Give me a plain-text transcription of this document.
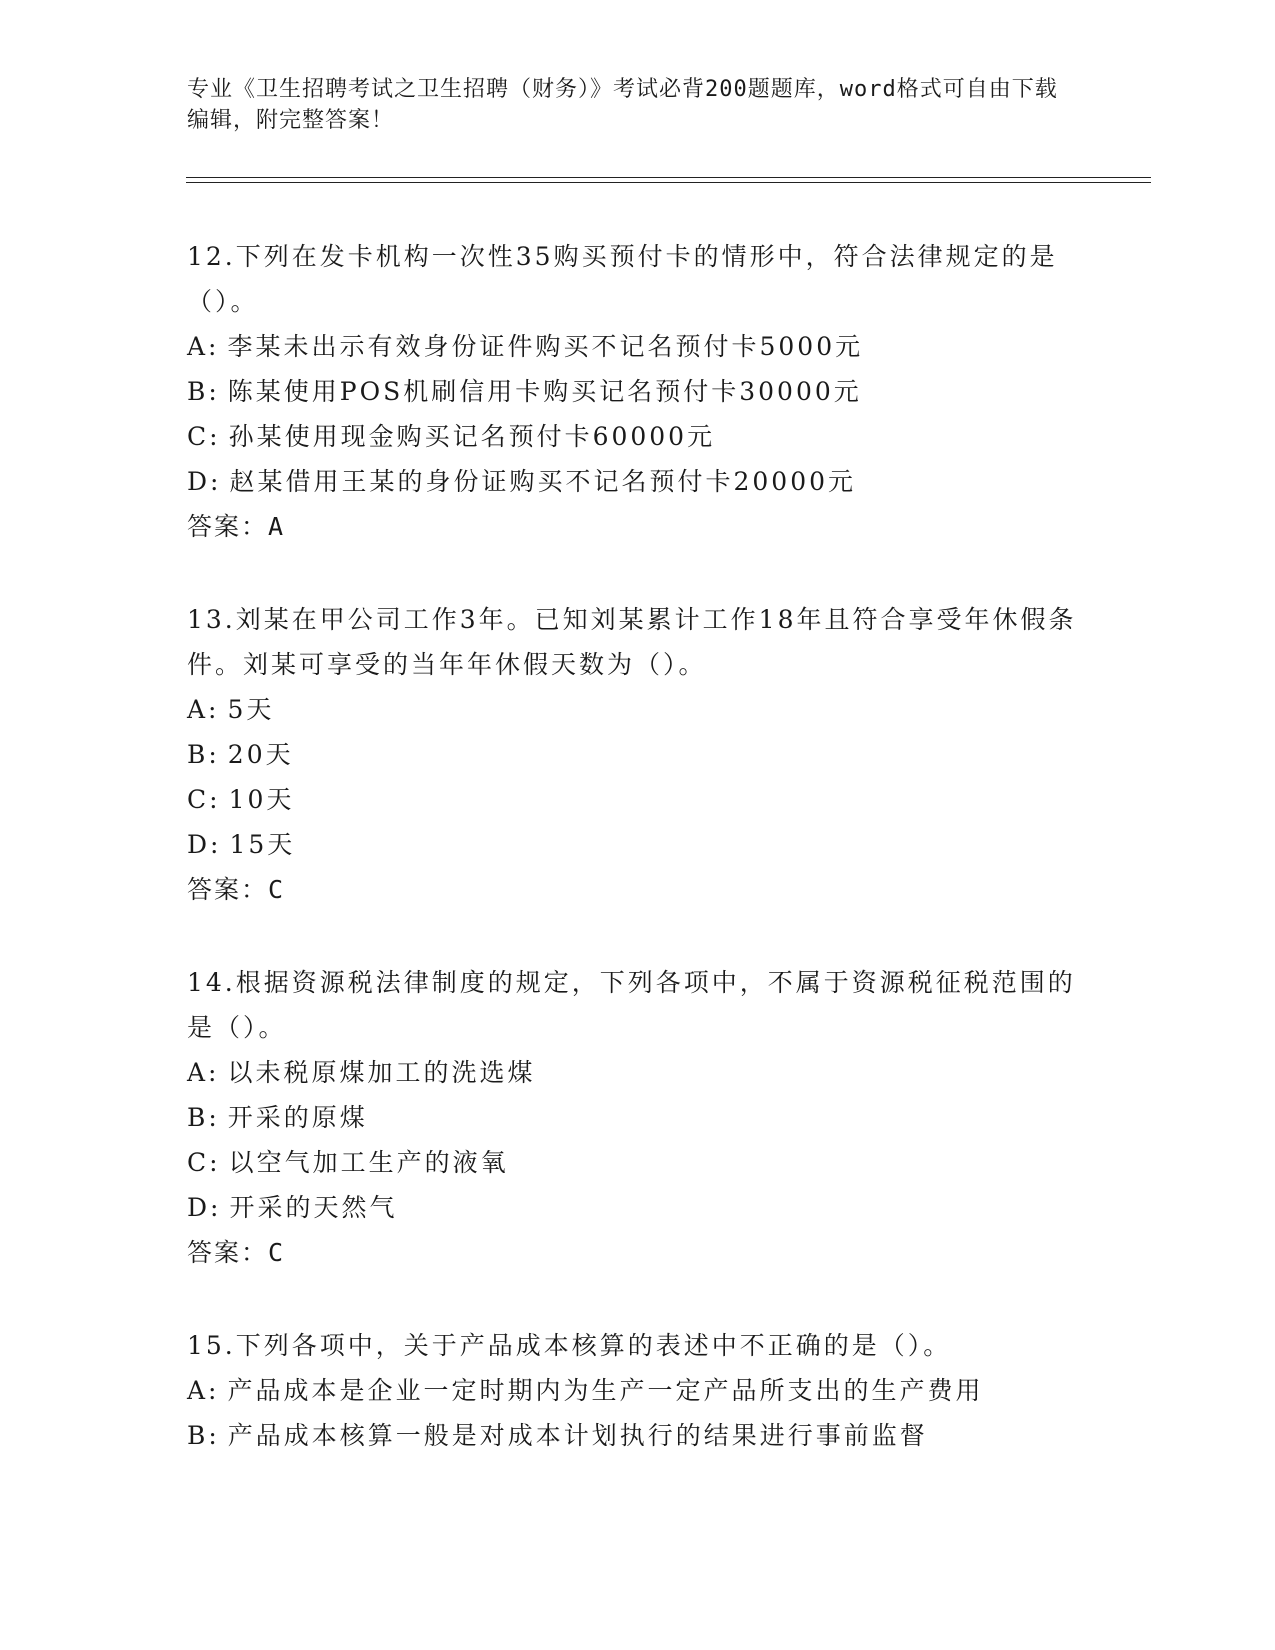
专业《卫生招聘考试之卫生招聘（财务）》考试必背200题题库，word格式可自由下载编辑，附完整答案！

12.下列在发卡机构一次性35购买预付卡的情形中，符合法律规定的是（）。

A: 李某未出示有效身份证件购买不记名预付卡5000元

B: 陈某使用POS机刷信用卡购买记名预付卡30000元

C: 孙某使用现金购买记名预付卡60000元

D: 赵某借用王某的身份证购买不记名预付卡20000元

答案：A

13.刘某在甲公司工作3年。已知刘某累计工作18年且符合享受年休假条件。刘某可享受的当年年休假天数为（）。

A: 5天

B: 20天

C: 10天

D: 15天

答案：C

14.根据资源税法律制度的规定，下列各项中，不属于资源税征税范围的是（）。

A: 以未税原煤加工的洗选煤

B: 开采的原煤

C: 以空气加工生产的液氧

D: 开采的天然气

答案：C

15.下列各项中，关于产品成本核算的表述中不正确的是（）。

A: 产品成本是企业一定时期内为生产一定产品所支出的生产费用

B: 产品成本核算一般是对成本计划执行的结果进行事前监督
